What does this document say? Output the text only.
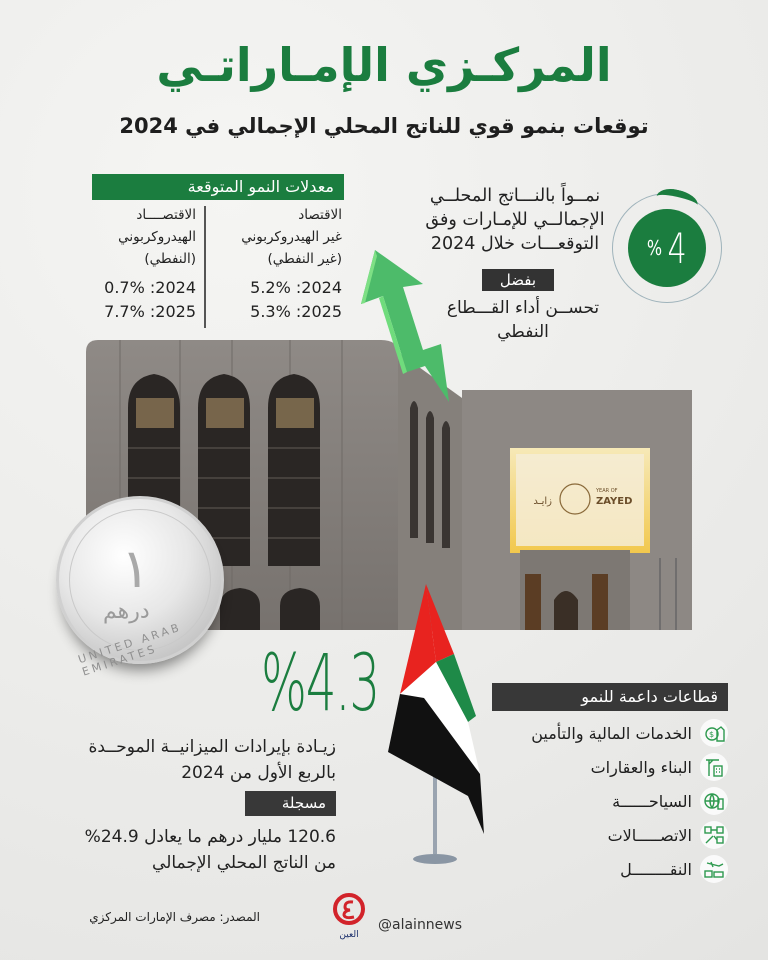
المركـزي الإمـاراتـي
توقعات بنمو قوي للناتج المحلي الإجمالي في 2024
معدلات النمو المتوقعة
الاقتصاد
غير الهيدروكربوني
(غير النفطي)
2024: 5.2%
2025: 5.3%
الاقتصــــاد
الهيدروكربوني
(النفطي)
2024: 0.7%
2025: 7.7%
% 4
نمــواً بالنـــاتج المحلــي
الإجمالــي للإمـارات وفق
التوقعـــات خلال 2024
بفضل
تحســن أداء القـــطاع
النفطي
زايـد	ZAYED
YEAR OF
١
درهم
UNITED ARAB EMIRATES	%4.3
زيـادة بإيرادات الميزانيــة الموحــدة
بالربع الأول من 2024
مسجلة
120.6 مليار درهم ما يعادل 24.9%
من الناتج المحلي الإجمالي
قطاعات داعمة للنمو
$
الخدمات المالية والتأمين
البناء والعقارات
السياحــــــة
الاتصـــــالات
النقــــــــل
المصدر: مصرف الإمارات المركزي
العين
@alainnews
